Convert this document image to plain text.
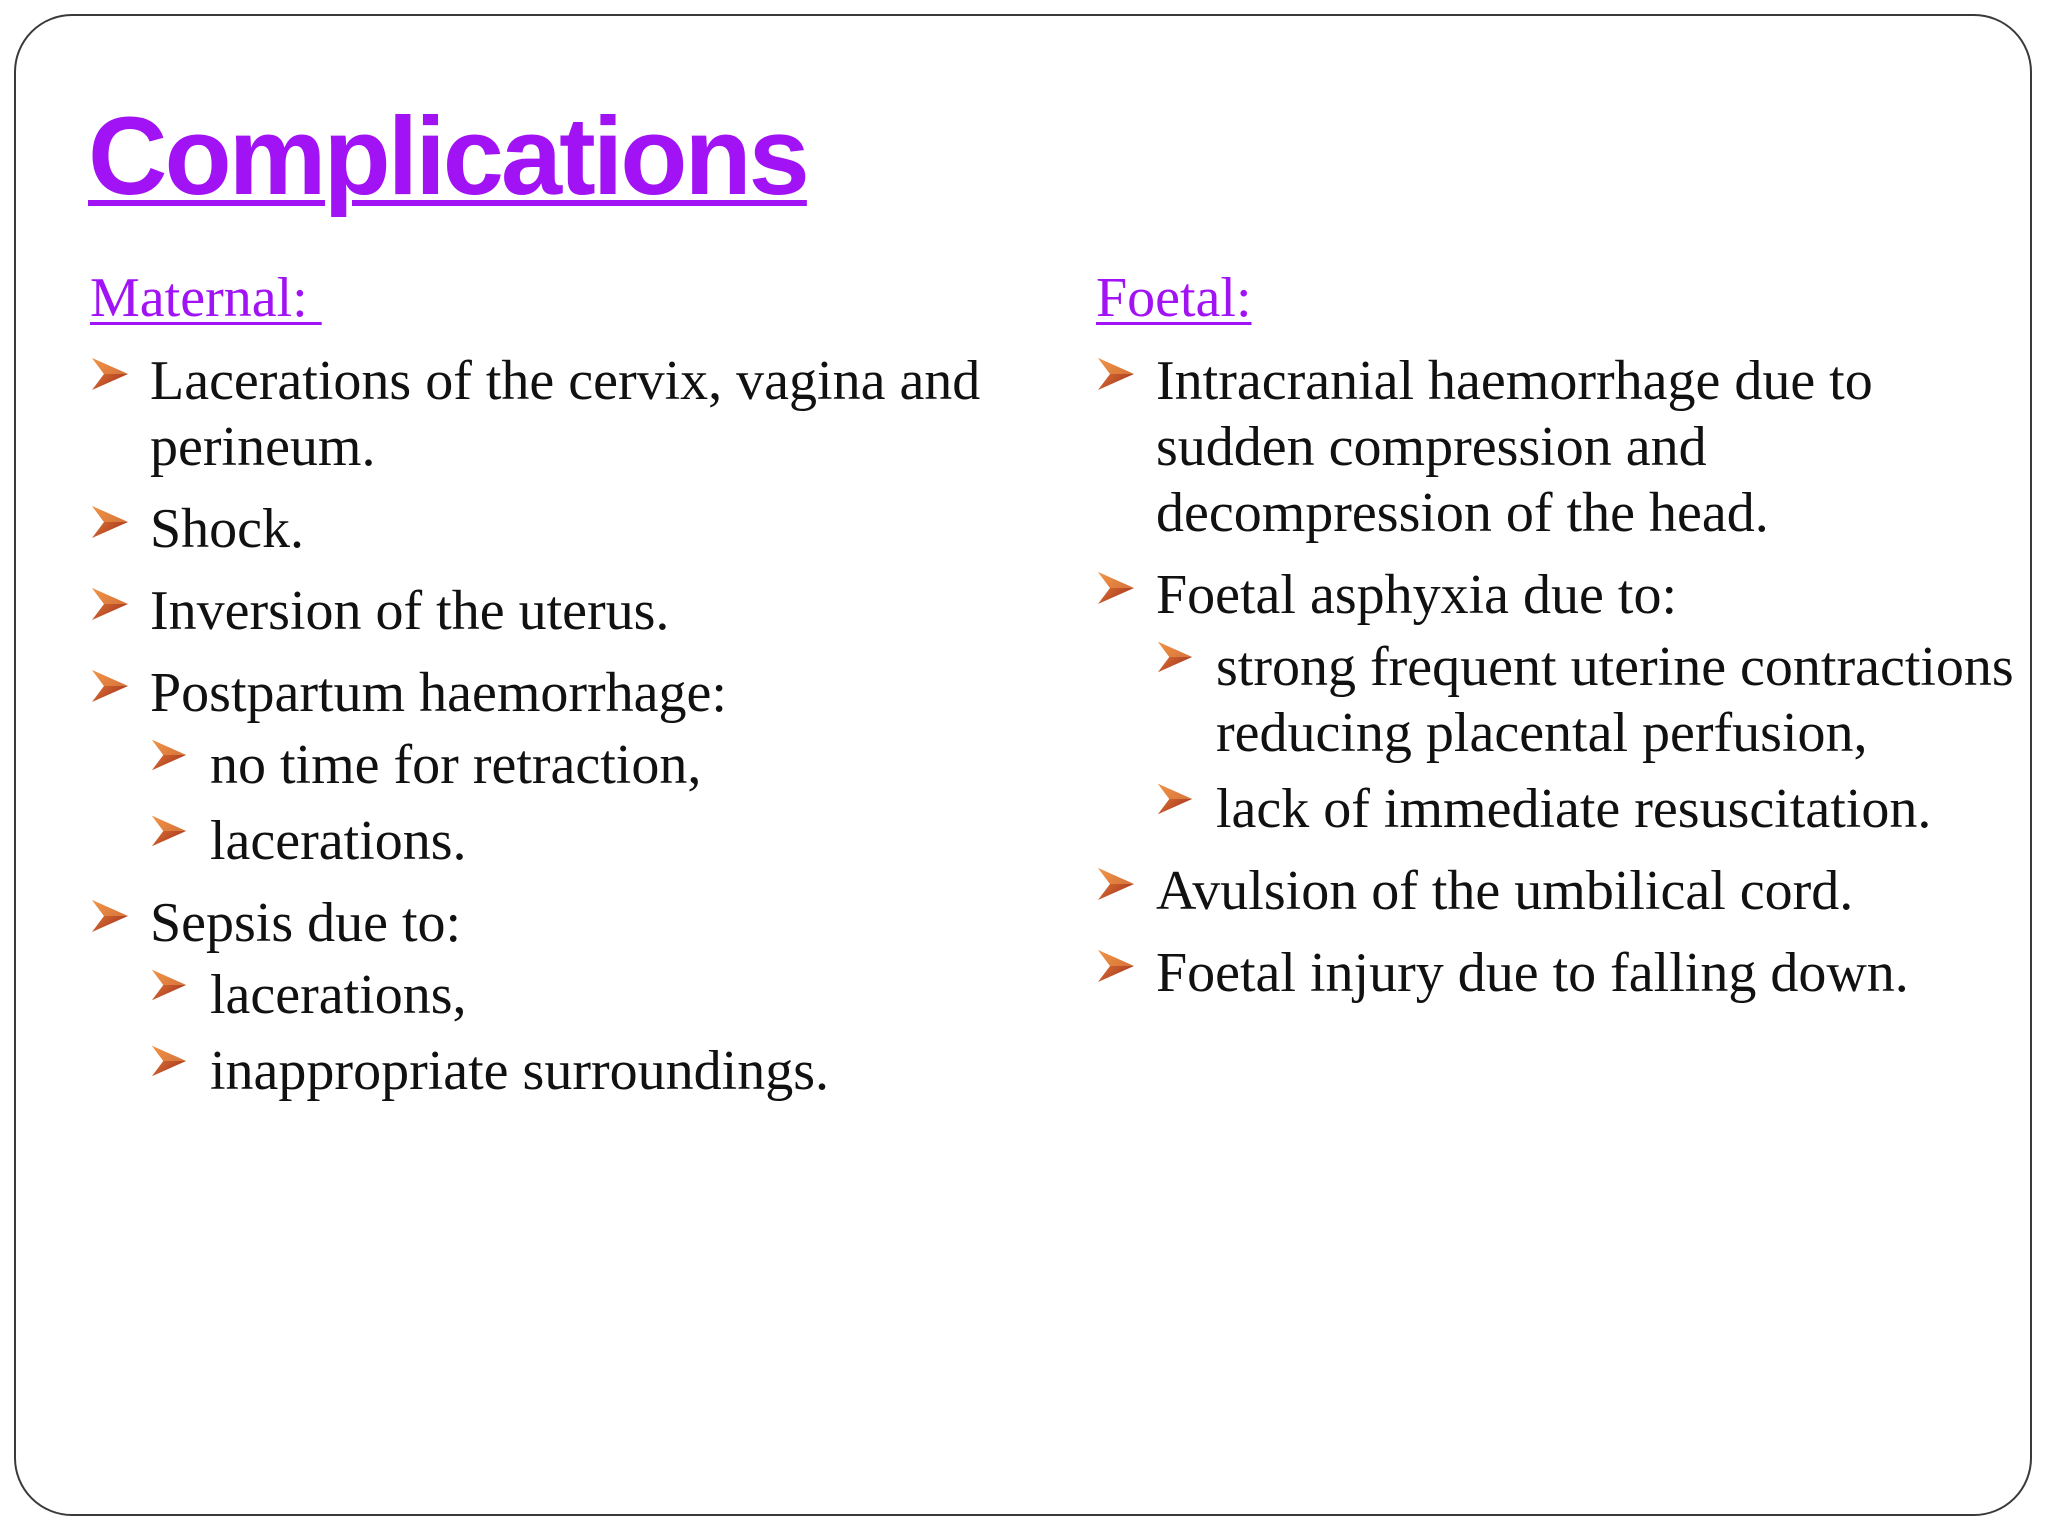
Complications
Maternal:
Lacerations of the cervix, vagina and perineum.
Shock.
Inversion of the uterus.
Postpartum haemorrhage:
no time for retraction,
lacerations.
Sepsis due to:
lacerations,
inappropriate surroundings.
Foetal:
Intracranial haemorrhage due to sudden compression and decompression of the head.
Foetal asphyxia due to:
strong frequent uterine contractions reducing placental perfusion,
lack of immediate resuscitation.
Avulsion of the umbilical cord.
Foetal injury due to falling down.
